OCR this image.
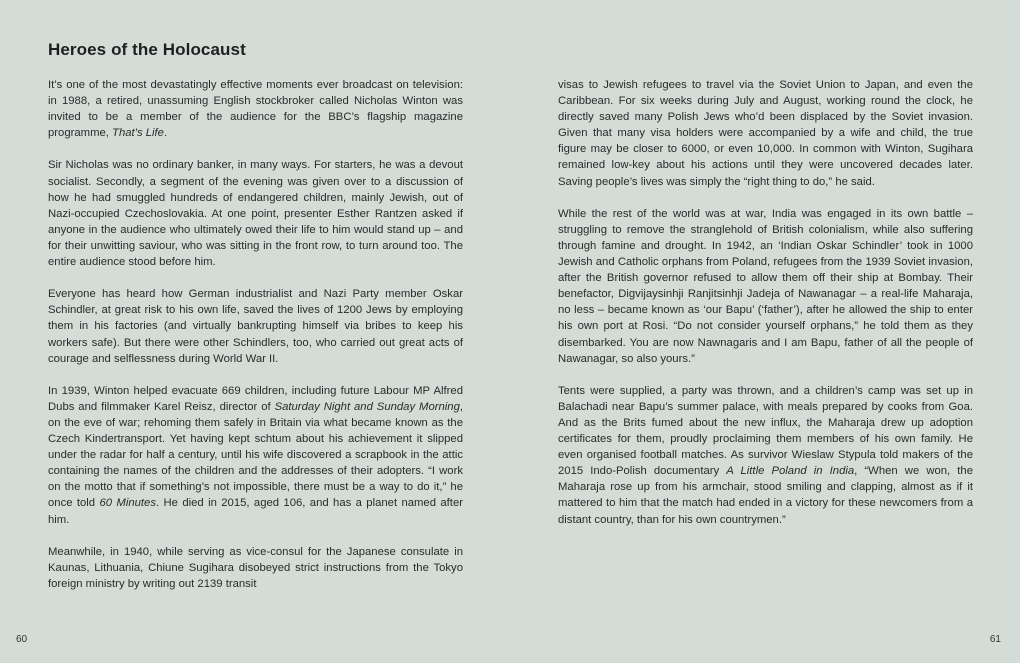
Heroes of the Holocaust

It’s one of the most devastatingly effective moments ever broadcast on television: in 1988, a retired, unassuming English stockbroker called Nicholas Winton was invited to be a member of the audience for the BBC’s flagship magazine programme, That’s Life.

Sir Nicholas was no ordinary banker, in many ways. For starters, he was a devout socialist. Secondly, a segment of the evening was given over to a discussion of how he had smuggled hundreds of endangered children, mainly Jewish, out of Nazi-occupied Czechoslovakia. At one point, presenter Esther Rantzen asked if anyone in the audience who ultimately owed their life to him would stand up – and for their unwitting saviour, who was sitting in the front row, to turn around too. The entire audience stood before him.

Everyone has heard how German industrialist and Nazi Party member Oskar Schindler, at great risk to his own life, saved the lives of 1200 Jews by employing them in his factories (and virtually bankrupting himself via bribes to keep his workers safe). But there were other Schindlers, too, who carried out great acts of courage and selflessness during World War II.

In 1939, Winton helped evacuate 669 children, including future Labour MP Alfred Dubs and filmmaker Karel Reisz, director of Saturday Night and Sunday Morning, on the eve of war; rehoming them safely in Britain via what became known as the Czech Kindertransport. Yet having kept schtum about his achievement it slipped under the radar for half a century, until his wife discovered a scrapbook in the attic containing the names of the children and the addresses of their adopters. “I work on the motto that if something’s not impossible, there must be a way to do it,” he once told 60 Minutes. He died in 2015, aged 106, and has a planet named after him.

Meanwhile, in 1940, while serving as vice-consul for the Japanese consulate in Kaunas, Lithuania, Chiune Sugihara disobeyed strict instructions from the Tokyo foreign ministry by writing out 2139 transit

60

visas to Jewish refugees to travel via the Soviet Union to Japan, and even the Caribbean. For six weeks during July and August, working round the clock, he directly saved many Polish Jews who’d been displaced by the Soviet invasion. Given that many visa holders were accompanied by a wife and child, the true figure may be closer to 6000, or even 10,000. In common with Winton, Sugihara remained low-key about his actions until they were uncovered decades later. Saving people’s lives was simply the “right thing to do,” he said.

While the rest of the world was at war, India was engaged in its own battle – struggling to remove the stranglehold of British colonialism, while also suffering through famine and drought. In 1942, an ‘Indian Oskar Schindler’ took in 1000 Jewish and Catholic orphans from Poland, refugees from the 1939 Soviet invasion, after the British governor refused to allow them off their ship at Bombay. Their benefactor, Digvijaysinhji Ranjitsinhji Jadeja of Nawanagar – a real-life Maharaja, no less – became known as ‘our Bapu’ (‘father’), after he allowed the ship to enter his own port at Rosi. “Do not consider yourself orphans,” he told them as they disembarked. You are now Nawnagaris and I am Bapu, father of all the people of Nawanagar, so also yours.”

Tents were supplied, a party was thrown, and a children’s camp was set up in Balachadi near Bapu’s summer palace, with meals prepared by cooks from Goa. And as the Brits fumed about the new influx, the Maharaja drew up adoption certificates for them, proudly proclaiming them members of his own family. He even organised football matches. As survivor Wieslaw Stypula told makers of the 2015 Indo-Polish documentary A Little Poland in India, “When we won, the Maharaja rose up from his armchair, stood smiling and clapping, almost as if it mattered to him that the match had ended in a victory for these newcomers from a distant country, than for his own countrymen.”

61
